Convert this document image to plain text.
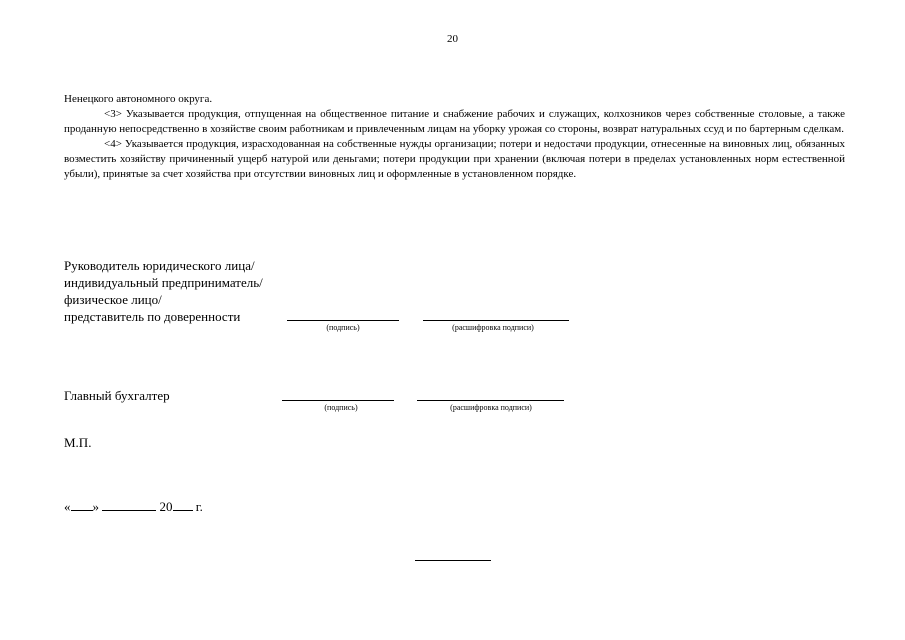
20

Ненецкого автономного округа.

<3> Указывается продукция, отпущенная на общественное питание и снабжение рабочих и служащих, колхозников через собственные столовые, а также проданную непосредственно в хозяйстве своим работникам и привлеченным лицам на уборку урожая со стороны, возврат натуральных ссуд и по бартерным сделкам.

<4> Указывается продукция, израсходованная на собственные нужды организации; потери и недостачи продукции, отнесенные на виновных лиц, обязанных возместить хозяйству причиненный ущерб натурой или деньгами; потери продукции при хранении (включая потери в пределах установленных норм естественной убыли), принятые за счет хозяйства при отсутствии виновных лиц и оформленные в установленном порядке.

Руководитель юридического лица/
индивидуальный предприниматель/
физическое лицо/
представитель по доверенности
(подпись)	(расшифровка подписи)
Главный бухгалтер
(подпись)	(расшифровка подписи)
М.П.
« »	20 г.
